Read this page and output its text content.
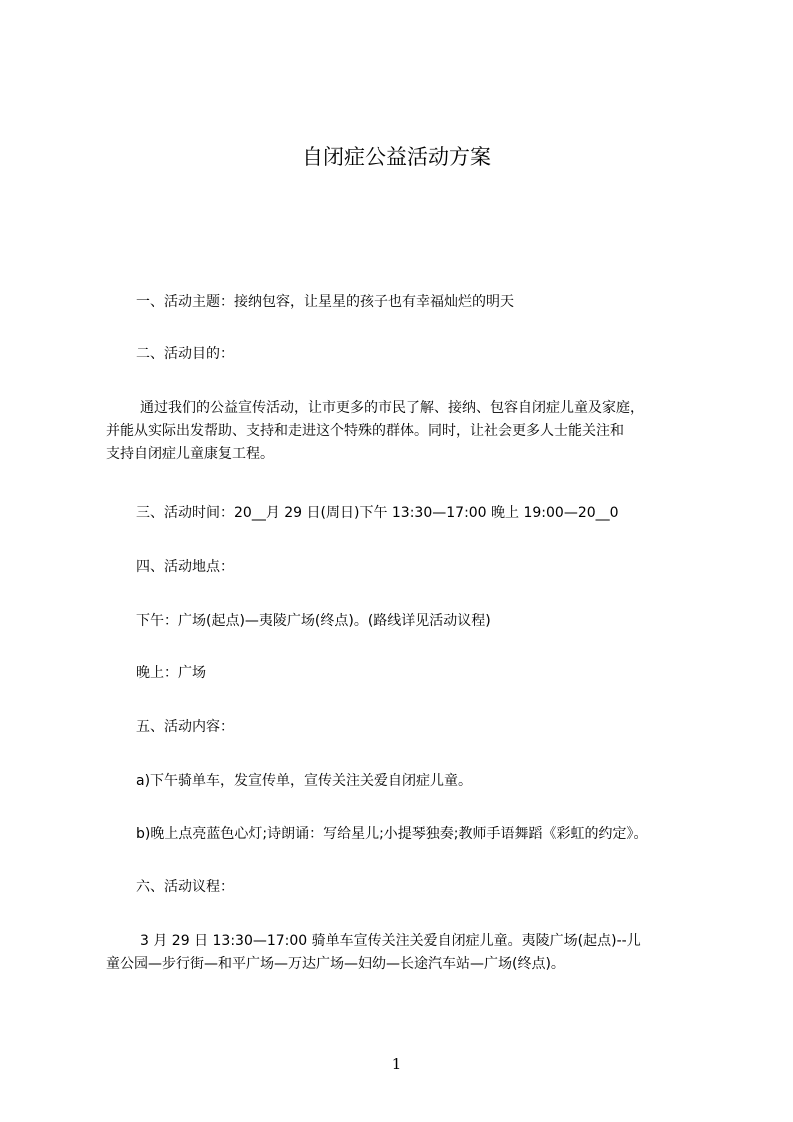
自闭症公益活动方案
一、活动主题：接纳包容，让星星的孩子也有幸福灿烂的明天
二、活动目的：
通过我们的公益宣传活动，让市更多的市民了解、接纳、包容自闭症儿童及家庭，
并能从实际出发帮助、支持和走进这个特殊的群体。同时，让社会更多人士能关注和
支持自闭症儿童康复工程。
三、活动时间：20__月 29 日(周日)下午 13:30—17:00 晚上 19:00—20__0
四、活动地点：
下午：广场(起点)—夷陵广场(终点)。(路线详见活动议程)
晚上：广场
五、活动内容：
a)下午骑单车，发宣传单，宣传关注关爱自闭症儿童。
b)晚上点亮蓝色心灯;诗朗诵：写给星儿;小提琴独奏;教师手语舞蹈《彩虹的约定》。
六、活动议程：
3 月 29 日 13:30—17:00 骑单车宣传关注关爱自闭症儿童。夷陵广场(起点)--儿
童公园—步行街—和平广场—万达广场—妇幼—长途汽车站—广场(终点)。
1
